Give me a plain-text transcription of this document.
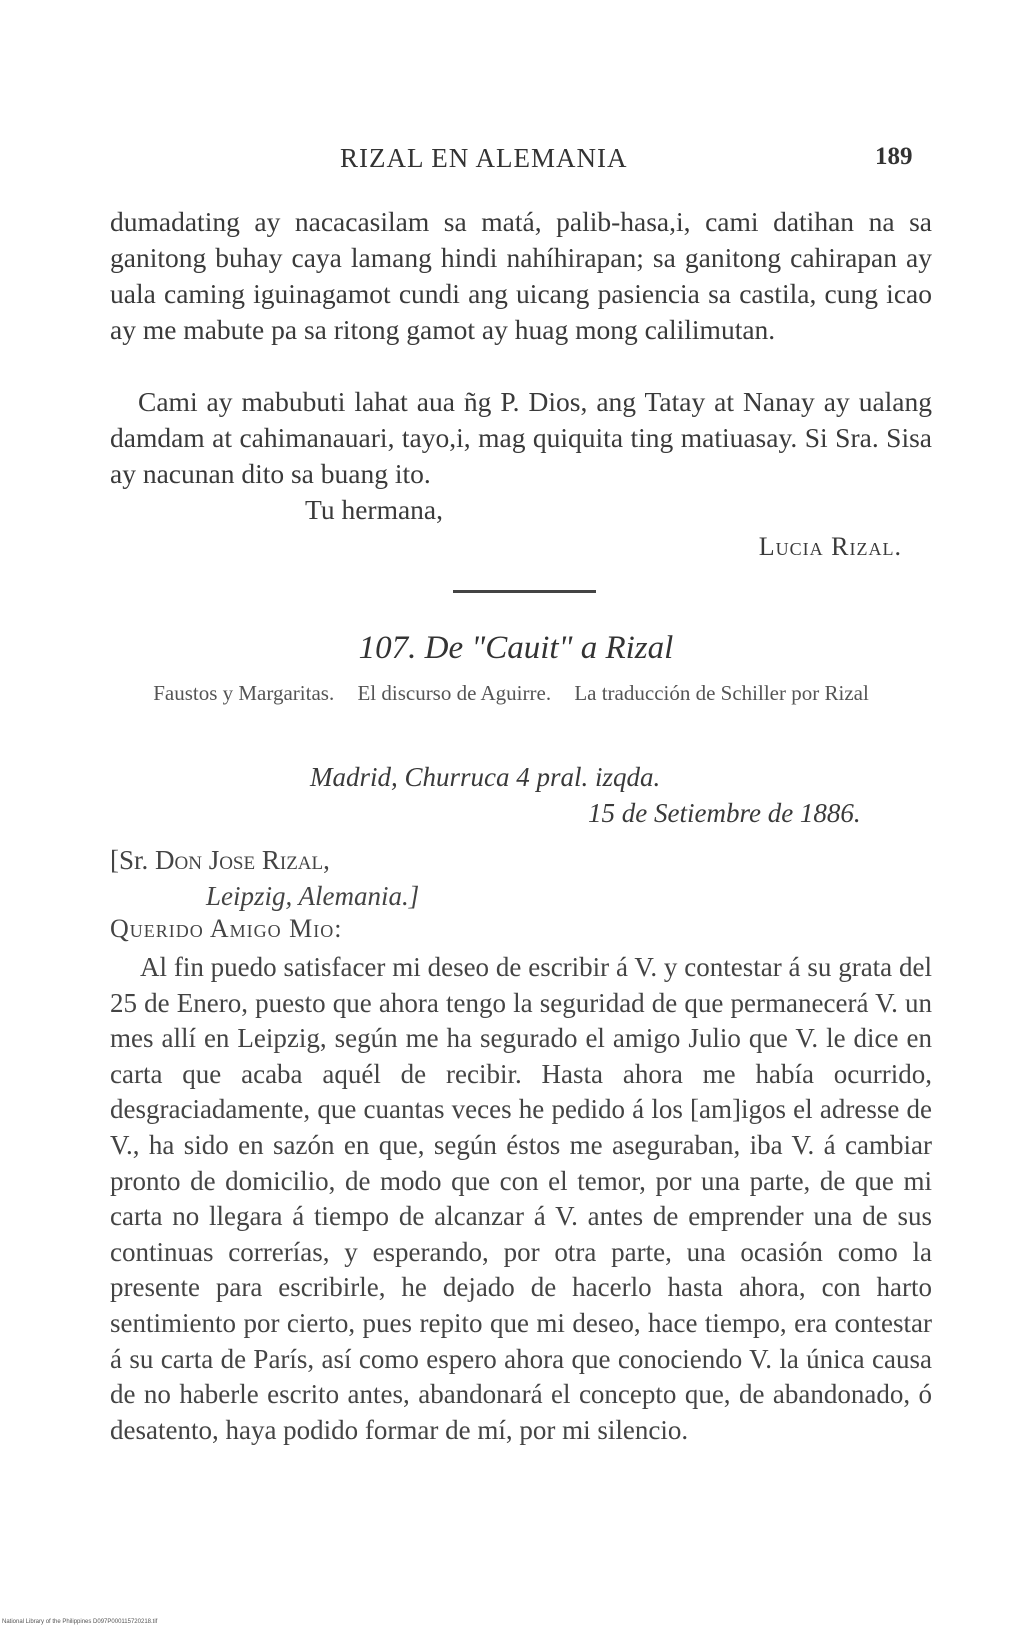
RIZAL EN ALEMANIA	189
dumadating ay nacacasilam sa matá, palib-hasa,i, cami datihan na sa ganitong buhay caya lamang hindi nahíhirapan; sa ganitong cahirapan ay uala caming iguinagamot cundi ang uicang pasiencia sa castila, cung icao ay me mabute pa sa ritong gamot ay huag mong calilimutan.
Cami ay mabubuti lahat aua ñg P. Dios, ang Tatay at Nanay ay ualang damdam at cahimanauari, tayo,i, mag quiquita ting matiuasay. Si Sra. Sisa ay nacunan dito sa buang ito.
Tu hermana,
Lucia Rizal.
107. De "Cauit" a Rizal
Faustos y Margaritas. El discurso de Aguirre. La traducción de Schiller por Rizal
Madrid, Churruca 4 pral. izqda.
15 de Setiembre de 1886.
[Sr. Don Jose Rizal,
Leipzig, Alemania.]
Querido Amigo Mio:
Al fin puedo satisfacer mi deseo de escribir á V. y contestar á su grata del 25 de Enero, puesto que ahora tengo la seguridad de que permanecerá V. un mes allí en Leipzig, según me ha segurado el amigo Julio que V. le dice en carta que acaba aquél de recibir. Hasta ahora me había ocurrido, desgraciadamente, que cuantas veces he pedido á los [am]igos el adresse de V., ha sido en sazón en que, según éstos me aseguraban, iba V. á cambiar pronto de domicilio, de modo que con el temor, por una parte, de que mi carta no llegara á tiempo de alcanzar á V. antes de emprender una de sus continuas correrías, y esperando, por otra parte, una ocasión como la presente para escribirle, he dejado de hacerlo hasta ahora, con harto sentimiento por cierto, pues repito que mi deseo, hace tiempo, era contestar á su carta de París, así como espero ahora que conociendo V. la única causa de no haberle escrito antes, abandonará el concepto que, de abandonado, ó desatento, haya podido formar de mí, por mi silencio.
National Library of the Philippines D097P000115720218.tif
